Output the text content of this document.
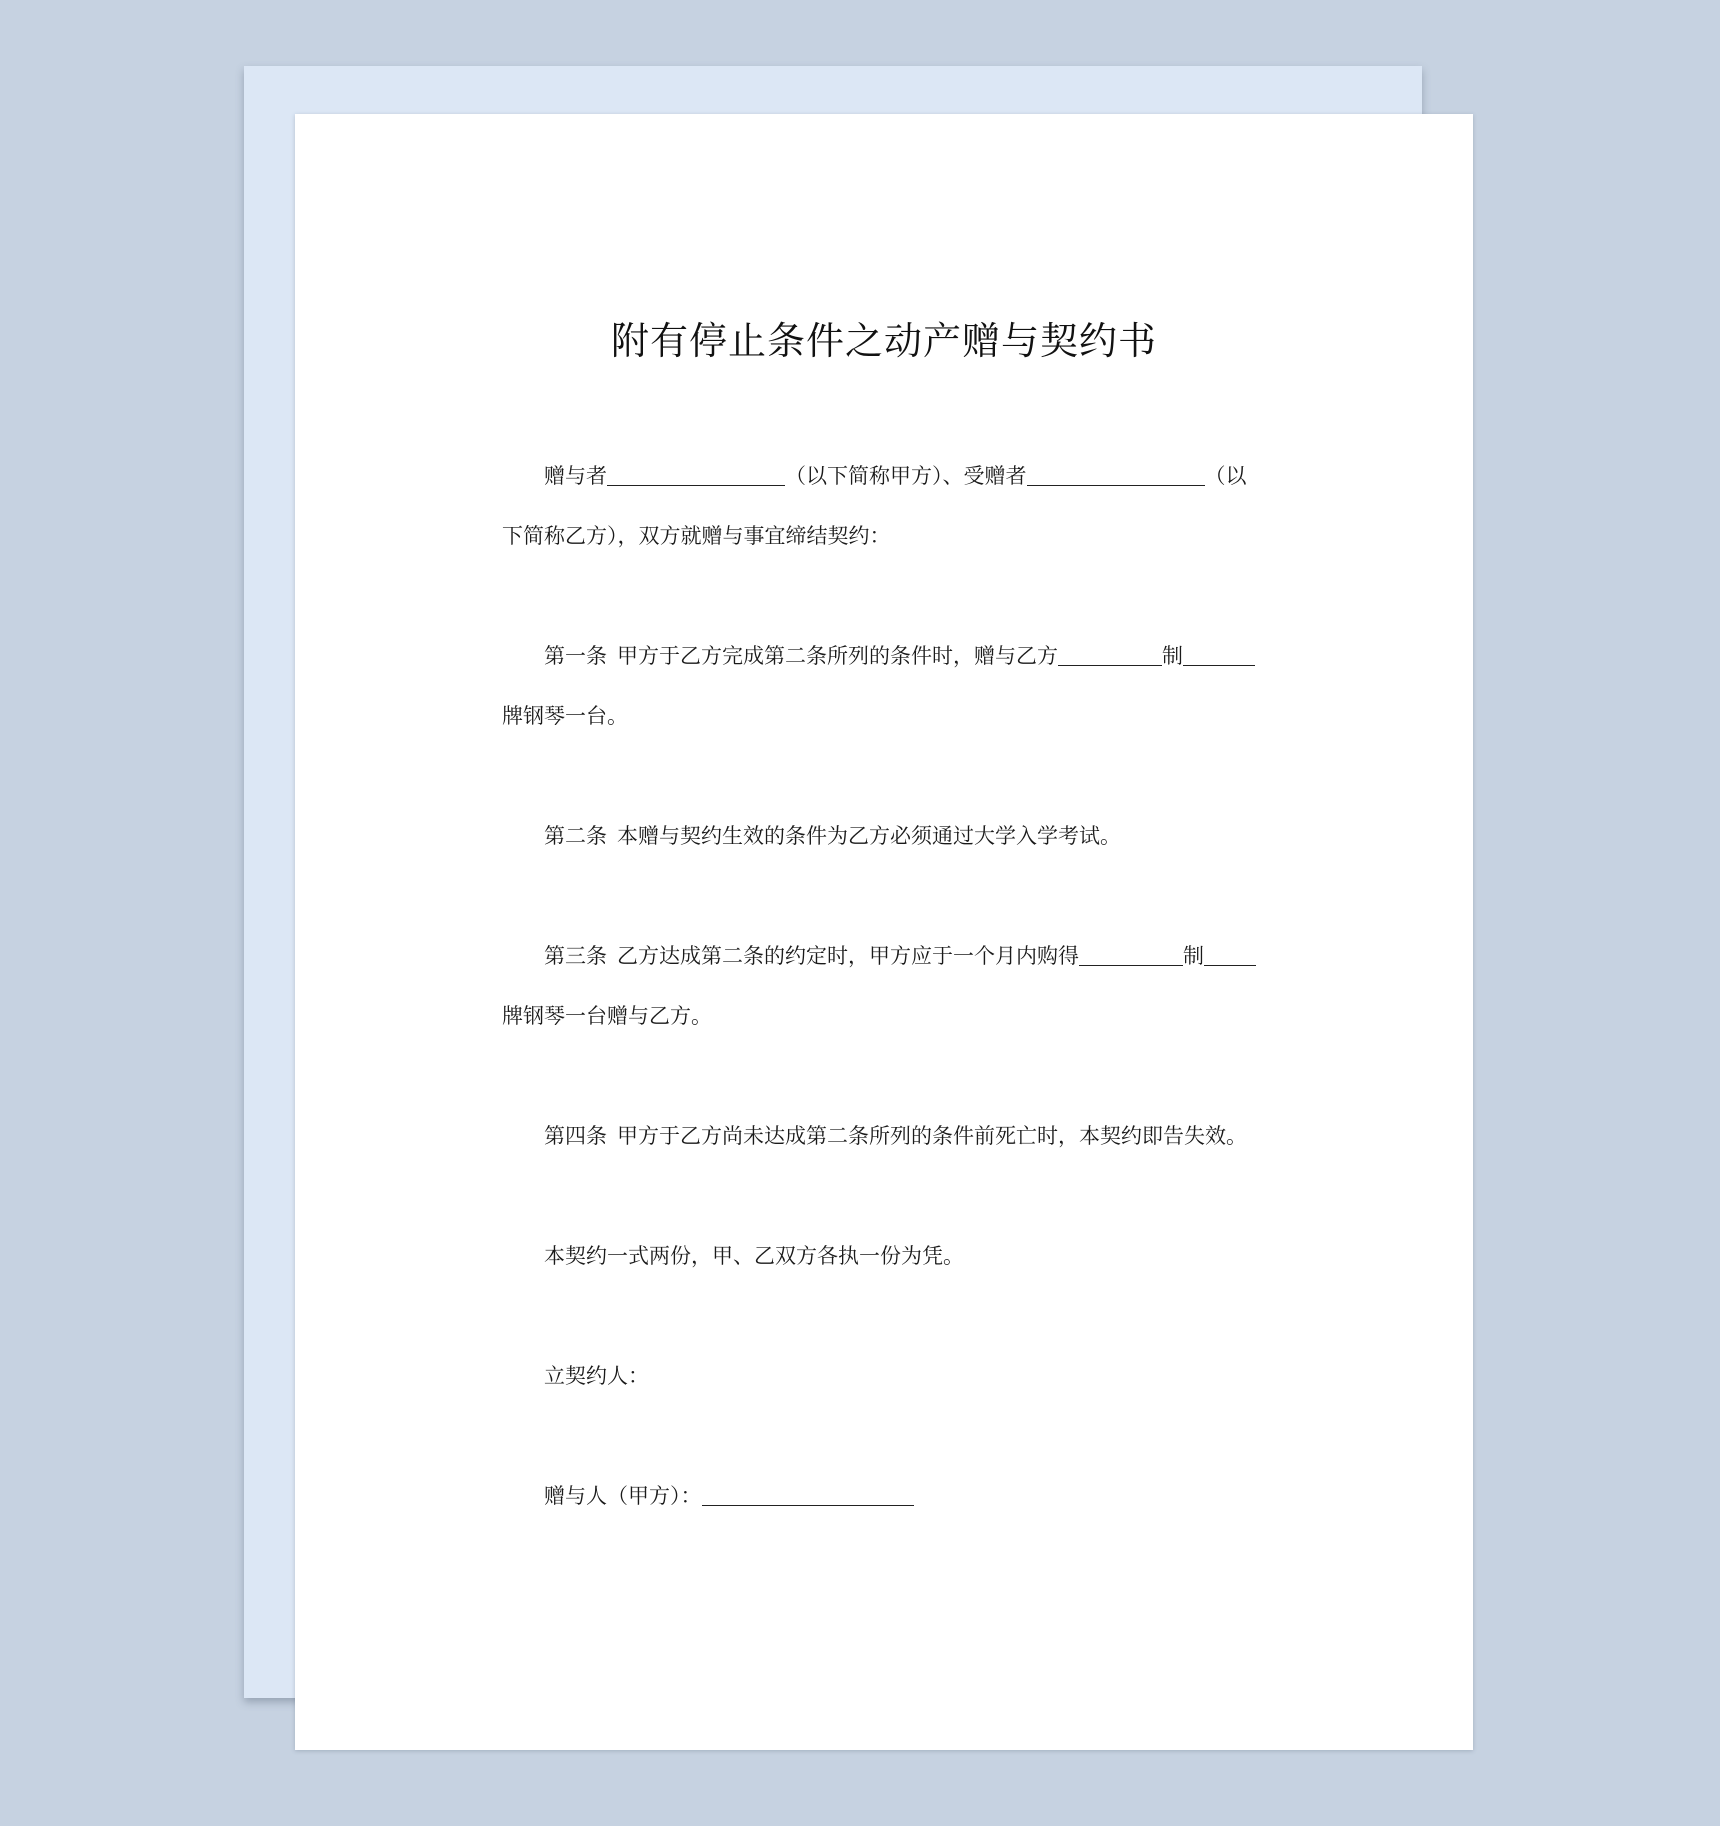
附有停止条件之动产赠与契约书
赠与者	（以下简称甲方）、受赠者	（以
下简称乙方），双方就赠与事宜缔结契约：
第一条 甲方于乙方完成第二条所列的条件时，赠与乙方	制
牌钢琴一台。
第二条 本赠与契约生效的条件为乙方必须通过大学入学考试。
第三条 乙方达成第二条的约定时，甲方应于一个月内购得	制
牌钢琴一台赠与乙方。
第四条 甲方于乙方尚未达成第二条所列的条件前死亡时，本契约即告失效。
本契约一式两份，甲、乙双方各执一份为凭。
立契约人：
赠与人（甲方）：
